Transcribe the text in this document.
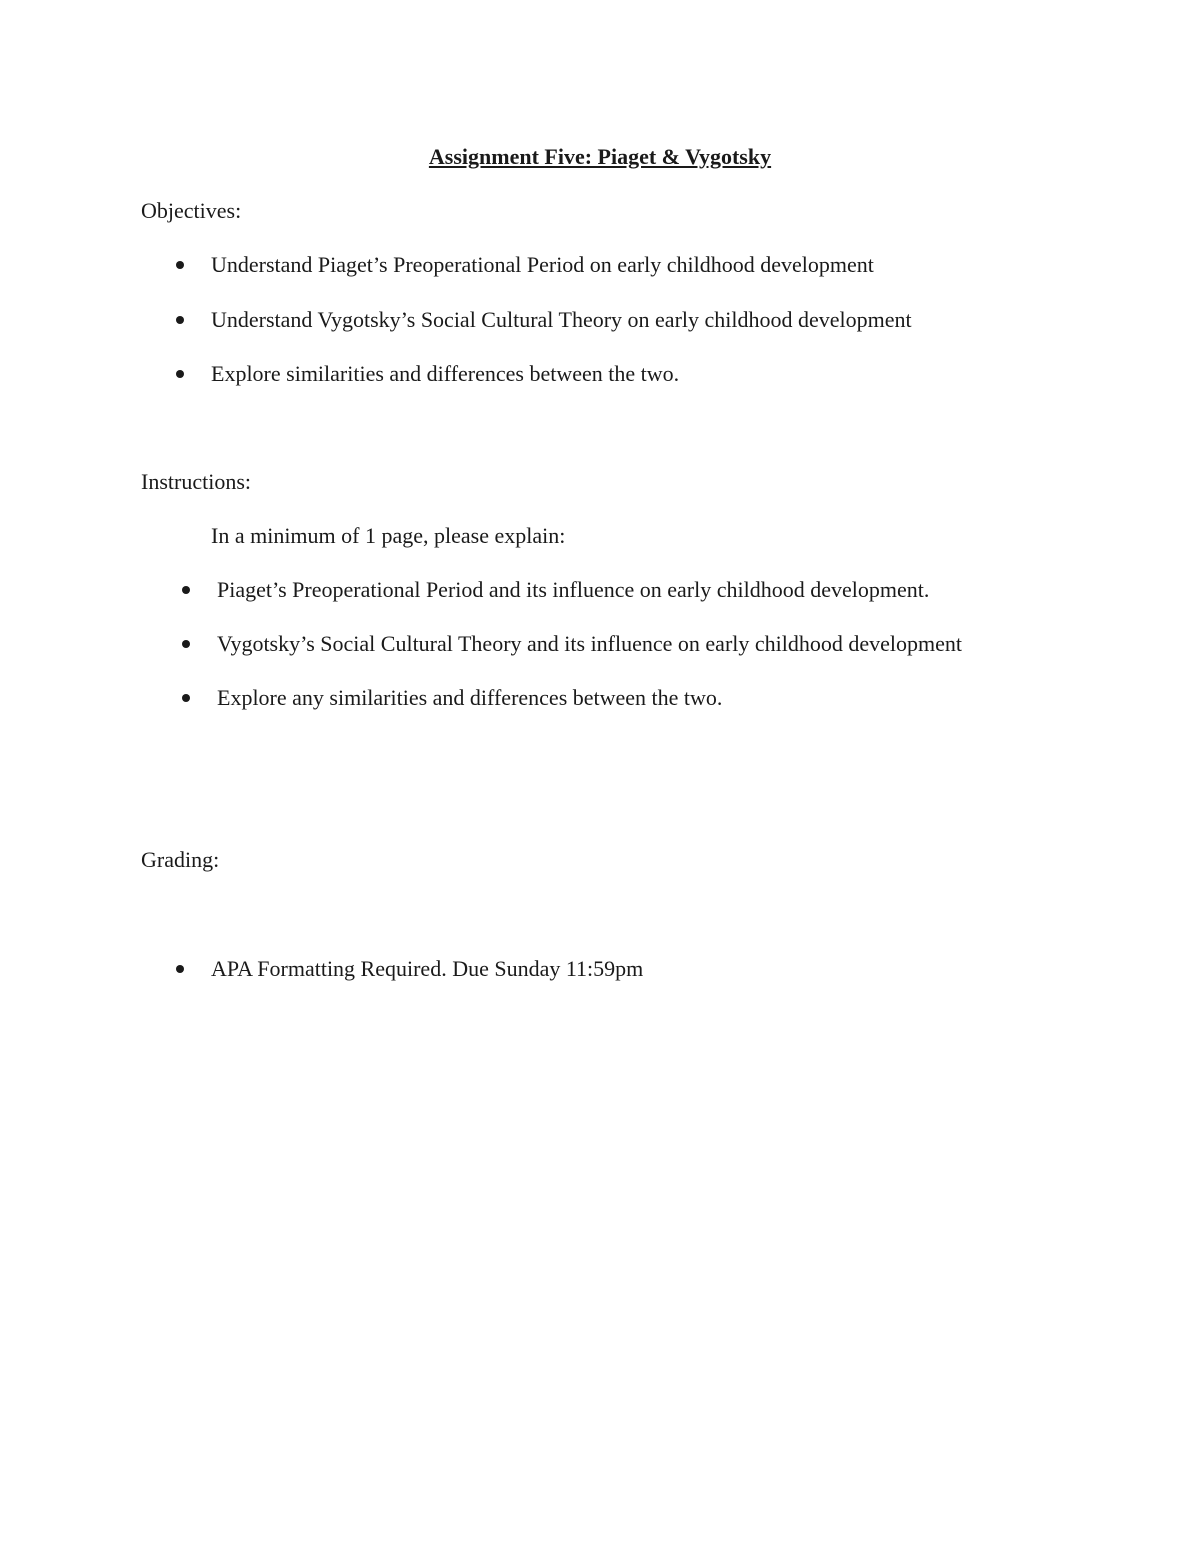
Assignment Five: Piaget & Vygotsky
Objectives:
Understand Piaget’s Preoperational Period on early childhood development
Understand Vygotsky’s Social Cultural Theory on early childhood development
Explore similarities and differences between the two.
Instructions:
In a minimum of 1 page, please explain:
Piaget’s Preoperational Period and its influence on early childhood development.
Vygotsky’s Social Cultural Theory and its influence on early childhood development
Explore any similarities and differences between the two.
Grading:
APA Formatting Required. Due Sunday 11:59pm
